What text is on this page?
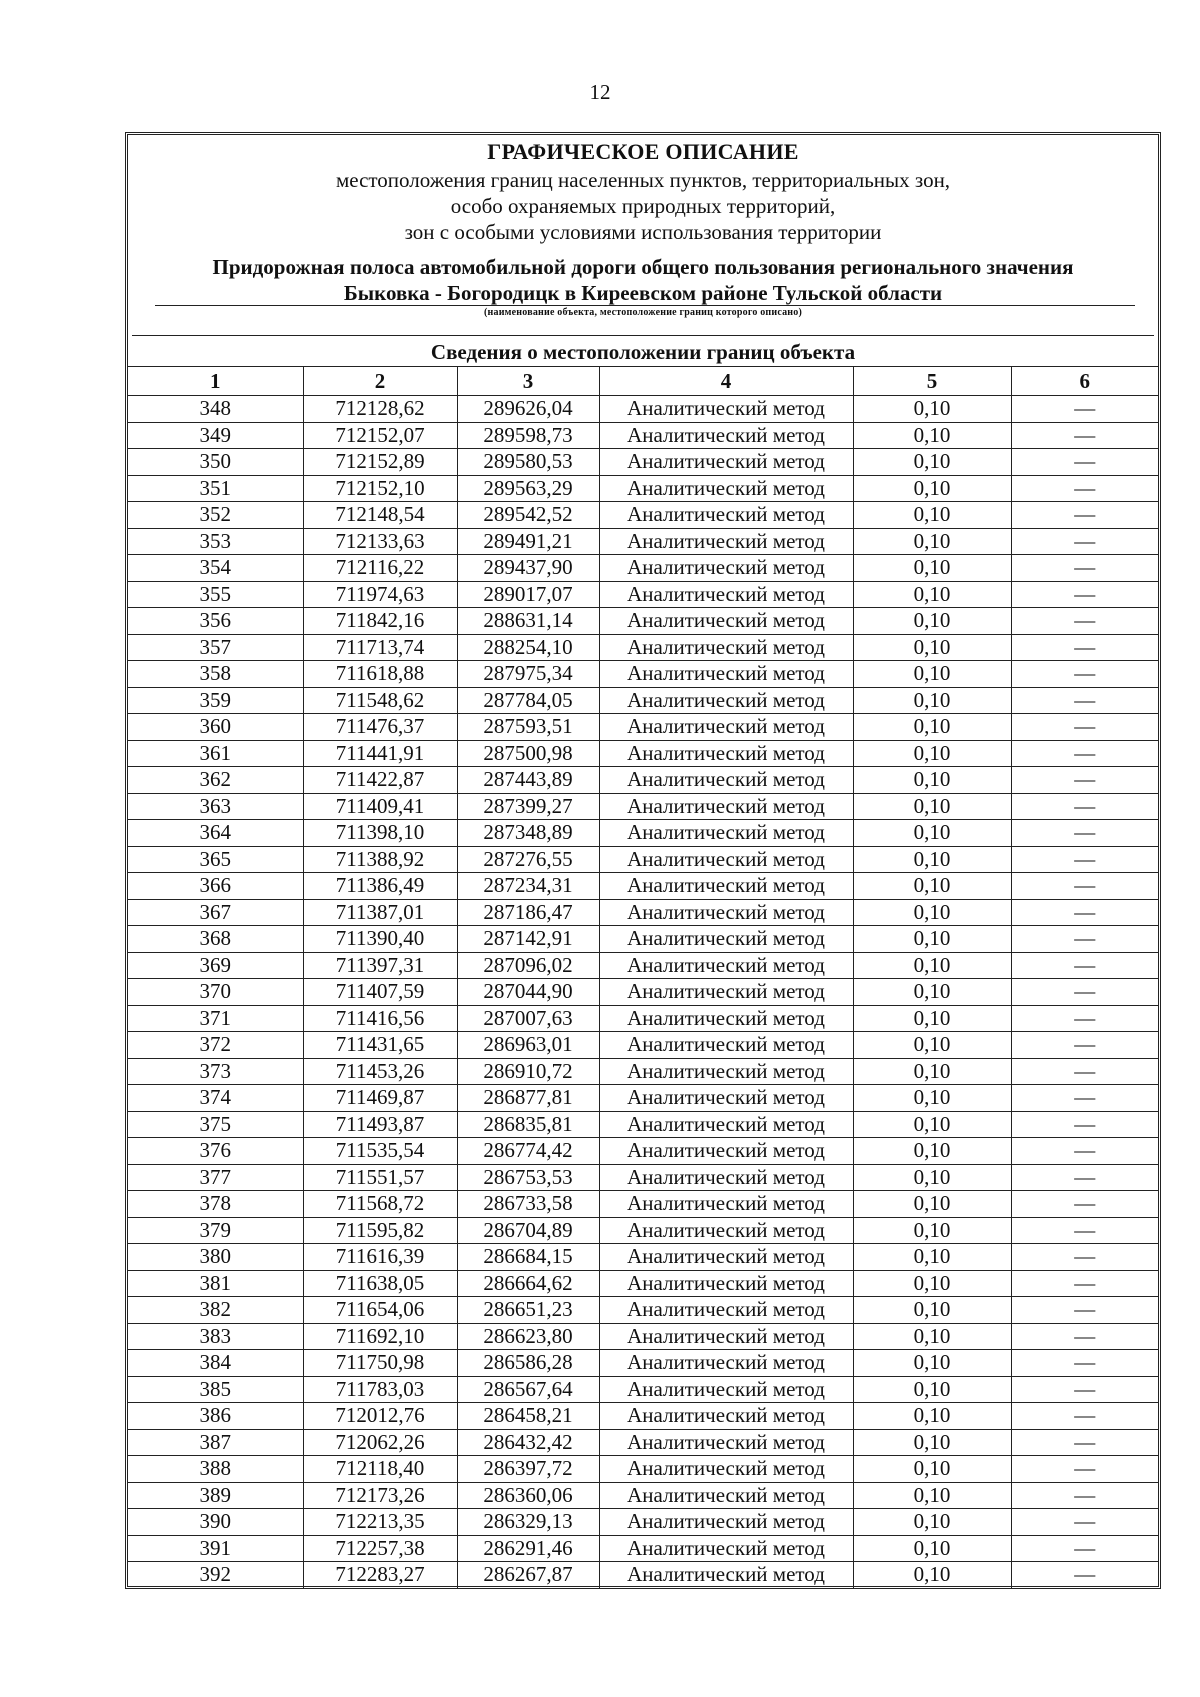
12
ГРАФИЧЕСКОЕ ОПИСАНИЕ
местоположения границ населенных пунктов, территориальных зон,
особо охраняемых природных территорий,
зон с особыми условиями использования территории
Придорожная полоса автомобильной дороги общего пользования регионального значения
Быковка - Богородицк в Киреевском районе Тульской области
(наименование объекта, местоположение границ которого описано)
Сведения о местоположении границ объекта
1	2	3	4	5	6
348	712128,62	289626,04	Аналитический метод	0,10	—
349	712152,07	289598,73	Аналитический метод	0,10	—
350	712152,89	289580,53	Аналитический метод	0,10	—
351	712152,10	289563,29	Аналитический метод	0,10	—
352	712148,54	289542,52	Аналитический метод	0,10	—
353	712133,63	289491,21	Аналитический метод	0,10	—
354	712116,22	289437,90	Аналитический метод	0,10	—
355	711974,63	289017,07	Аналитический метод	0,10	—
356	711842,16	288631,14	Аналитический метод	0,10	—
357	711713,74	288254,10	Аналитический метод	0,10	—
358	711618,88	287975,34	Аналитический метод	0,10	—
359	711548,62	287784,05	Аналитический метод	0,10	—
360	711476,37	287593,51	Аналитический метод	0,10	—
361	711441,91	287500,98	Аналитический метод	0,10	—
362	711422,87	287443,89	Аналитический метод	0,10	—
363	711409,41	287399,27	Аналитический метод	0,10	—
364	711398,10	287348,89	Аналитический метод	0,10	—
365	711388,92	287276,55	Аналитический метод	0,10	—
366	711386,49	287234,31	Аналитический метод	0,10	—
367	711387,01	287186,47	Аналитический метод	0,10	—
368	711390,40	287142,91	Аналитический метод	0,10	—
369	711397,31	287096,02	Аналитический метод	0,10	—
370	711407,59	287044,90	Аналитический метод	0,10	—
371	711416,56	287007,63	Аналитический метод	0,10	—
372	711431,65	286963,01	Аналитический метод	0,10	—
373	711453,26	286910,72	Аналитический метод	0,10	—
374	711469,87	286877,81	Аналитический метод	0,10	—
375	711493,87	286835,81	Аналитический метод	0,10	—
376	711535,54	286774,42	Аналитический метод	0,10	—
377	711551,57	286753,53	Аналитический метод	0,10	—
378	711568,72	286733,58	Аналитический метод	0,10	—
379	711595,82	286704,89	Аналитический метод	0,10	—
380	711616,39	286684,15	Аналитический метод	0,10	—
381	711638,05	286664,62	Аналитический метод	0,10	—
382	711654,06	286651,23	Аналитический метод	0,10	—
383	711692,10	286623,80	Аналитический метод	0,10	—
384	711750,98	286586,28	Аналитический метод	0,10	—
385	711783,03	286567,64	Аналитический метод	0,10	—
386	712012,76	286458,21	Аналитический метод	0,10	—
387	712062,26	286432,42	Аналитический метод	0,10	—
388	712118,40	286397,72	Аналитический метод	0,10	—
389	712173,26	286360,06	Аналитический метод	0,10	—
390	712213,35	286329,13	Аналитический метод	0,10	—
391	712257,38	286291,46	Аналитический метод	0,10	—
392	712283,27	286267,87	Аналитический метод	0,10	—
